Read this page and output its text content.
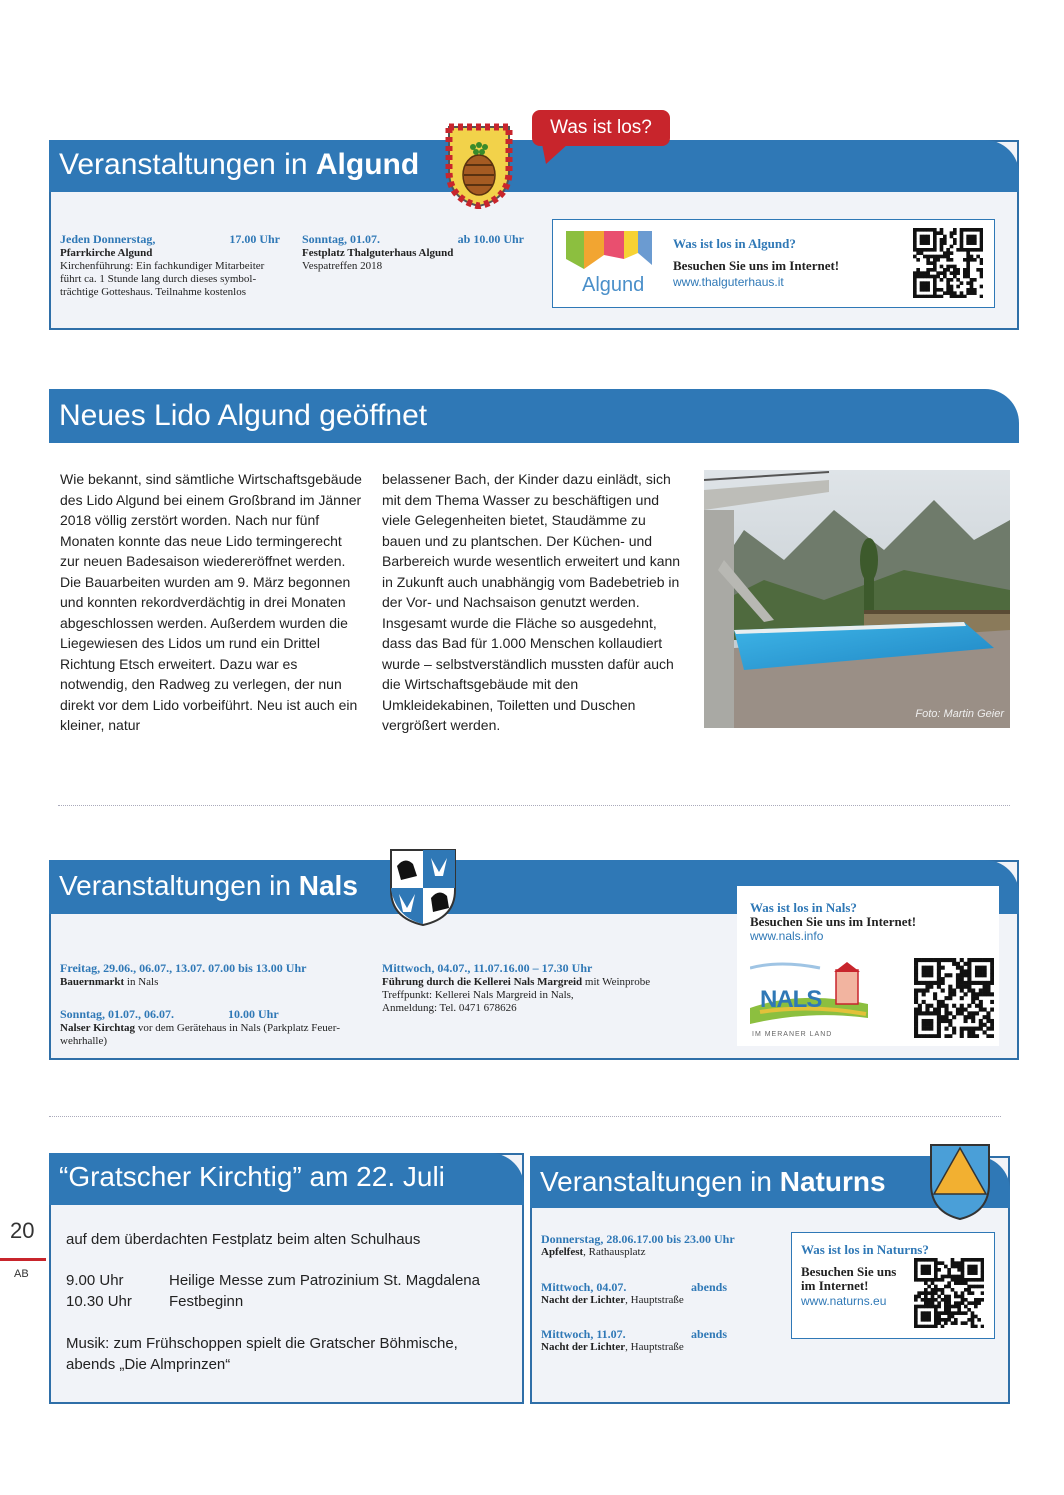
Veranstaltungen in Algund
Was ist los?
Jeden Donnerstag,	17.00 Uhr
Pfarrkirche Algund
Kirchenführung: Ein fachkundiger Mitarbeiter führt ca. 1 Stunde lang durch dieses symbolträchtige Gotteshaus. Teilnahme kostenlos
Sonntag, 01.07.	ab 10.00 Uhr
Festplatz Thalguterhaus Algund
Vespatreffen 2018
Algund
Was ist los in Algund?
Besuchen Sie uns im Internet!
www.thalguterhaus.it
Neues Lido Algund geöffnet
Wie bekannt, sind sämtliche Wirtschaftsgebäude des Lido Algund bei einem Großbrand im Jänner 2018 völlig zerstört worden. Nach nur fünf Monaten konnte das neue Lido termingerecht zur neuen Badesaison wiedereröffnet werden. Die Bauarbeiten wurden am 9. März begonnen und konnten rekordverdächtig in drei Monaten abgeschlossen werden. Außerdem wurden die Liegewiesen des Lidos um rund ein Drittel Richtung Etsch erweitert. Dazu war es notwendig, den Radweg zu verlegen, der nun direkt vor dem Lido vorbeiführt. Neu ist auch ein kleiner, natur
belassener Bach, der Kinder dazu einlädt, sich mit dem Thema Wasser zu beschäftigen und viele Gelegenheiten bietet, Staudämme zu bauen und zu plantschen. Der Küchen- und Barbereich wurde wesentlich erweitert und kann in Zukunft auch unabhängig vom Badebetrieb in der Vor- und Nachsaison genutzt werden. Insgesamt wurde die Fläche so ausgedehnt, dass das Bad für 1.000 Menschen kollaudiert wurde – selbstverständlich mussten dafür auch die Wirtschaftsgebäude mit den Umkleidekabinen, Toiletten und Duschen vergrößert werden.
Foto: Martin Geier
Veranstaltungen in Nals
Freitag, 29.06., 06.07., 13.07. 07.00 bis 13.00 Uhr
Bauernmarkt in Nals
Sonntag, 01.07., 06.07.	10.00 Uhr
Nalser Kirchtag vor dem Gerätehaus in Nals (Parkplatz Feuerwehrhalle)
Mittwoch, 04.07., 11.07.16.00 – 17.30 Uhr
Führung durch die Kellerei Nals Margreid mit Weinprobe
Treffpunkt: Kellerei Nals Margreid in Nals,
Anmeldung: Tel. 0471 678626
Was ist los in Nals?
Besuchen Sie uns im Internet!
www.nals.info
NALS
IM MERANER LAND
“Gratscher Kirchtig” am 22. Juli
auf dem überdachten Festplatz beim alten Schulhaus
9.00 Uhr	Heilige Messe zum Patrozinium St. Magdalena
10.30 Uhr Festbeginn
Musik: zum Frühschoppen spielt die Gratscher Böhmische,
abends „Die Almprinzen“
Veranstaltungen in Naturns
Donnerstag, 28.06.17.00 bis 23.00 Uhr
Apfelfest, Rathausplatz
Mittwoch, 04.07.	abends
Nacht der Lichter, Hauptstraße
Mittwoch, 11.07.	abends
Nacht der Lichter, Hauptstraße
Was ist los in Naturns?
Besuchen Sie uns
im Internet!
www.naturns.eu
20
AB
